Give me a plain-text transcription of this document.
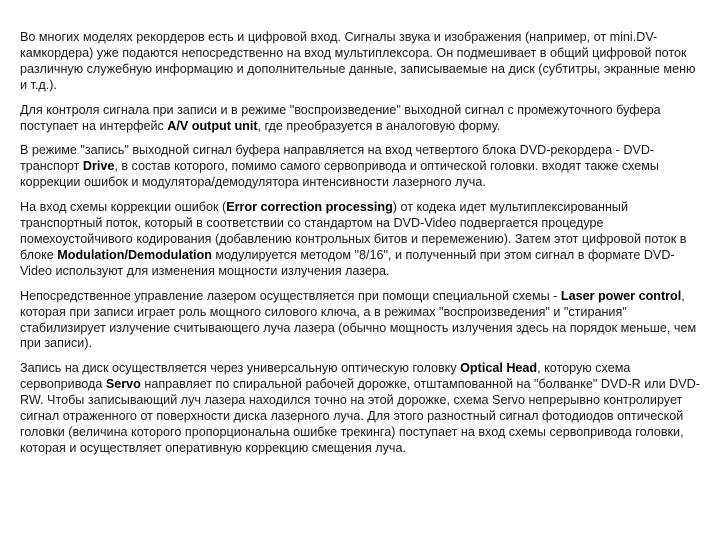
Во многих моделях рекордеров есть и цифровой вход. Сигналы звука и изображения (например, от mini.DV-камкордера) уже подаются непосредственно на вход мультиплексора. Он подмешивает в общий цифровой поток различную служебную информацию и дополнительные данные, записываемые на диск (субтитры, экранные меню и т.д.).

Для контроля сигнала при записи и в режиме "воспроизведение" выходной сигнал с промежуточного буфера поступает на интерфейс A/V output unit, где преобразуется в аналоговую форму.

В режиме "запись" выходной сигнал буфера направляется на вход четвертого блока DVD-рекордера - DVD-транспорт Drive, в состав которого, помимо самого сервопривода и оптической головки. входят также схемы коррекции ошибок и модулятора/демодулятора интенсивности лазерного луча.

На вход схемы коррекции ошибок (Error correction processing) от кодека идет мультиплексированный транспортный поток, который в соответствии со стандартом на DVD-Video подвергается процедуре помехоустойчивого кодирования (добавлению контрольных битов и перемежению). Затем этот цифровой поток в блоке Modulation/Demodulation модулируется методом "8/16", и полученный при этом сигнал в формате DVD-Video используют для изменения мощности излучения лазера.

Непосредственное управление лазером осуществляется при помощи специальной схемы - Laser power control, которая при записи играет роль мощного силового ключа, а в режимах "воспроизведения" и "стирания" стабилизирует излучение считывающего луча лазера (обычно мощность излучения здесь на порядок меньше, чем при записи).

Запись на диск осуществляется через универсальную оптическую головку Optical Head, которую схема сервопривода Servo направляет по спиральной рабочей дорожке, отштампованной на "болванке" DVD-R или DVD-RW. Чтобы записывающий луч лазера находился точно на этой дорожке, схема Servo непрерывно контролирует сигнал отраженного от поверхности диска лазерного луча. Для этого разностный сигнал фотодиодов оптической головки (величина которого пропорциональна ошибке трекинга) поступает на вход схемы сервопривода головки, которая и осуществляет оперативную коррекцию смещения луча.
